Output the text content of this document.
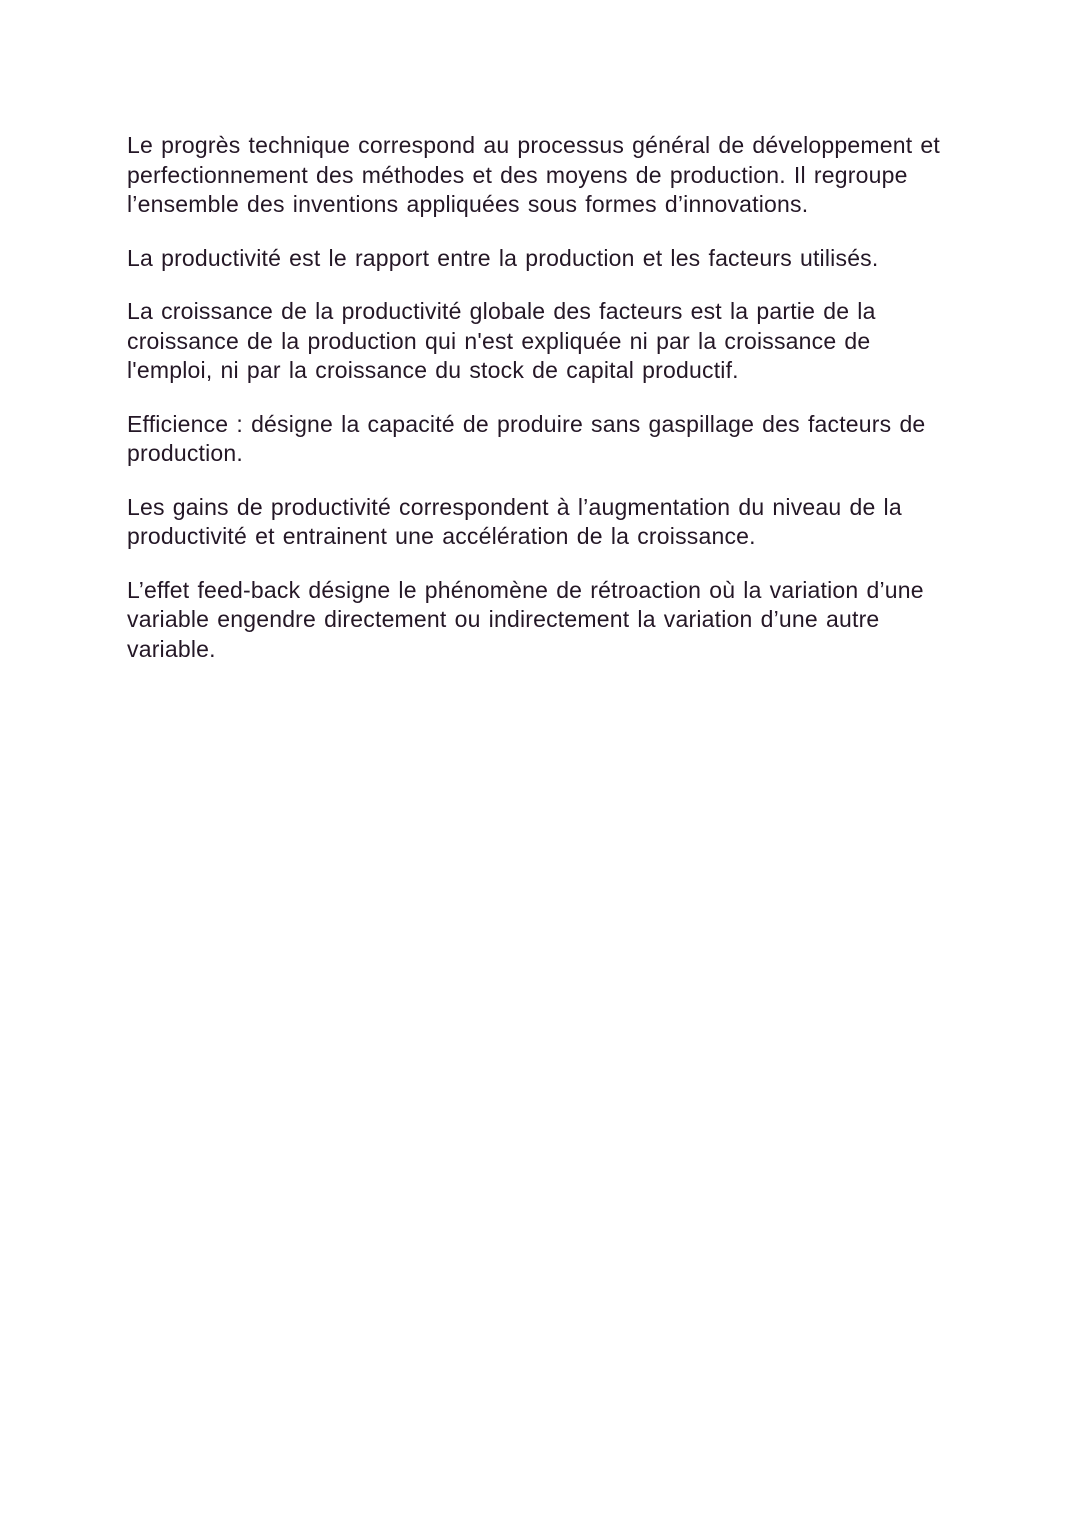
Le progrès technique correspond au processus général de développement et perfectionnement des méthodes et des moyens de production. Il regroupe l’ensemble des inventions appliquées sous formes d’innovations.

La productivité est le rapport entre la production et les facteurs utilisés.

La croissance de la productivité globale des facteurs est la partie de la croissance de la production qui n'est expliquée ni par la croissance de l'emploi, ni par la croissance du stock de capital productif.

Efficience : désigne la capacité de produire sans gaspillage des facteurs de production.

Les gains de productivité correspondent à l’augmentation du niveau de la productivité et entrainent une accélération de la croissance.

L’effet feed-back désigne le phénomène de rétroaction où la variation d’une variable engendre directement ou indirectement la variation d’une autre variable.
